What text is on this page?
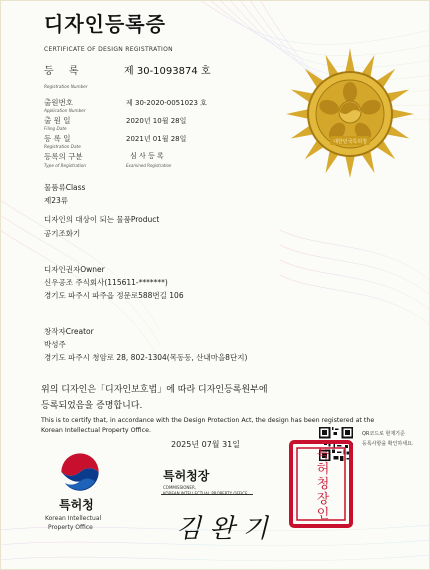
디자인등록증
CERTIFICATE OF DESIGN REGISTRATION
등 록
Registration Number
제 30-1093874 호
출원번호
Application Number
제 30-2020-0051023 호
출 원 일
Filing Date
2020년 10월 28일
등 록 일
Registration Date
2021년 01월 28일
등록의 구분
Type of Registration
심 사 등 록
Examined Registration
물품류Class
제23류
디자인의 대상이 되는 물품Product
공기조화기
디자인권자Owner
신우공조 주식회사(115611-*******)
경기도 파주시 파주읍 정문로588번길 106
창작자Creator
박성주
경기도 파주시 청암로 28, 802-1304(목동동, 산내마을8단지)
위의 디자인은「디자인보호법」에 따라 디자인등록원부에
등록되었음을 증명합니다.
This is to certify that, in accordance with the Design Protection Act, the design has been registered at the
Korean Intellectual Property Office.
2025년 07월 31일
QR코드로 현재기준
등록사항을 확인하세요.
특허청
Korean Intellectual
Property Office
특허청장
COMMISSIONER,
김 완 기
특허청장인
대한민국특허청
